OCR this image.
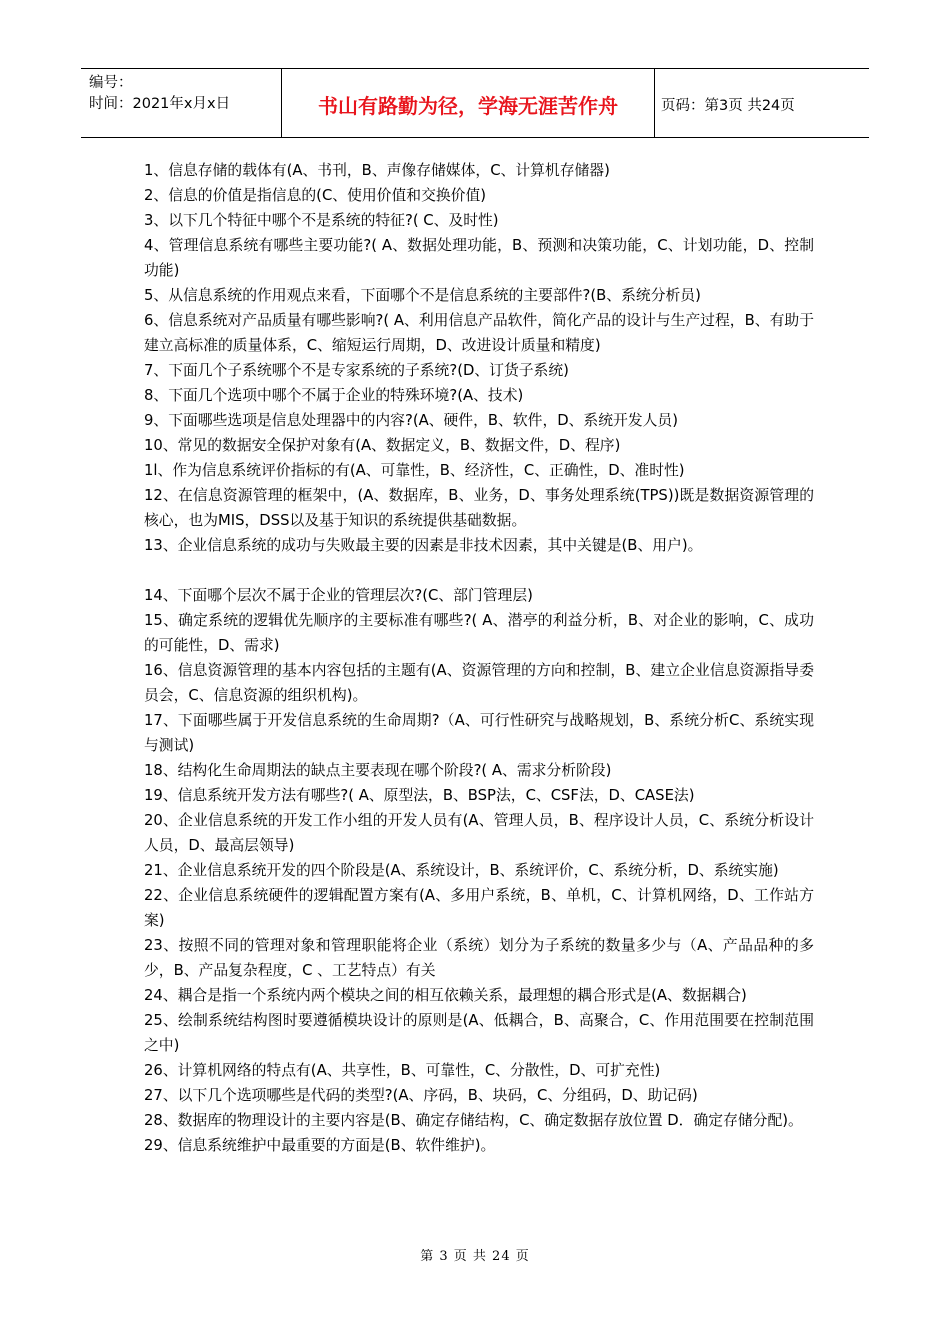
编号：
时间：2021年x月x日	书山有路勤为径，学海无涯苦作舟	页码：第3页 共24页

1、信息存储的载体有(A、书刊，B、声像存储媒体，C、计算机存储器)

2、信息的价值是指信息的(C、使用价值和交换价值)

3、以下几个特征中哪个不是系统的特征?( C、及时性)

4、管理信息系统有哪些主要功能?( A、数据处理功能，B、预测和决策功能，C、计划功能，D、控制功能)

5、从信息系统的作用观点来看，下面哪个不是信息系统的主要部件?(B、系统分析员)

6、信息系统对产品质量有哪些影响?( A、利用信息产品软件，简化产品的设计与生产过程，B、有助于建立高标准的质量体系，C、缩短运行周期，D、改进设计质量和精度)

7、下面几个子系统哪个不是专家系统的子系统?(D、订货子系统)

8、下面几个选项中哪个不属于企业的特殊环境?(A、技术)

9、下面哪些选项是信息处理器中的内容?(A、硬件，B、软件，D、系统开发人员)

10、常见的数据安全保护对象有(A、数据定义，B、数据文件，D、程序)

1l、作为信息系统评价指标的有(A、可靠性，B、经济性，C、正确性，D、准时性)

12、在信息资源管理的框架中，(A、数据库，B、业务，D、事务处理系统(TPS))既是数据资源管理的核心，也为MIS，DSS以及基于知识的系统提供基础数据。

13、企业信息系统的成功与失败最主要的因素是非技术因素，其中关键是(B、用户)。

14、下面哪个层次不属于企业的管理层次?(C、部门管理层)

15、确定系统的逻辑优先顺序的主要标准有哪些?( A、潜亭的利益分析，B、对企业的影响，C、成功的可能性，D、需求)

16、信息资源管理的基本内容包括的主题有(A、资源管理的方向和控制，B、建立企业信息资源指导委员会，C、信息资源的组织机构)。

17、下面哪些属于开发信息系统的生命周期?（A、可行性研究与战略规划，B、系统分析C、系统实现与测试)

18、结构化生命周期法的缺点主要表现在哪个阶段?( A、需求分析阶段)

19、信息系统开发方法有哪些?( A、原型法，B、BSP法，C、CSF法，D、CASE法)

20、企业信息系统的开发工作小组的开发人员有(A、管理人员，B、程序设计人员，C、系统分析设计人员，D、最高层领导)

21、企业信息系统开发的四个阶段是(A、系统设计，B、系统评价，C、系统分析，D、系统实施)

22、企业信息系统硬件的逻辑配置方案有(A、多用户系统，B、单机，C、计算机网络，D、工作站方案)

23、按照不同的管理对象和管理职能将企业（系统）划分为子系统的数量多少与（A、产品品种的多少，B、产品复杂程度，C 、工艺特点）有关

24、耦合是指一个系统内两个模块之间的相互依赖关系，最理想的耦合形式是(A、数据耦合)

25、绘制系统结构图时要遵循模块设计的原则是(A、低耦合，B、高聚合，C、作用范围要在控制范围之中)

26、计算机网络的特点有(A、共享性，B、可靠性，C、分散性，D、可扩充性)

27、以下几个选项哪些是代码的类型?(A、序码，B、块码，C、分组码，D、助记码)

28、数据库的物理设计的主要内容是(B、确定存储结构，C、确定数据存放位置 D．确定存储分配)。

29、信息系统维护中最重要的方面是(B、软件维护)。

第 3 页 共 24 页
